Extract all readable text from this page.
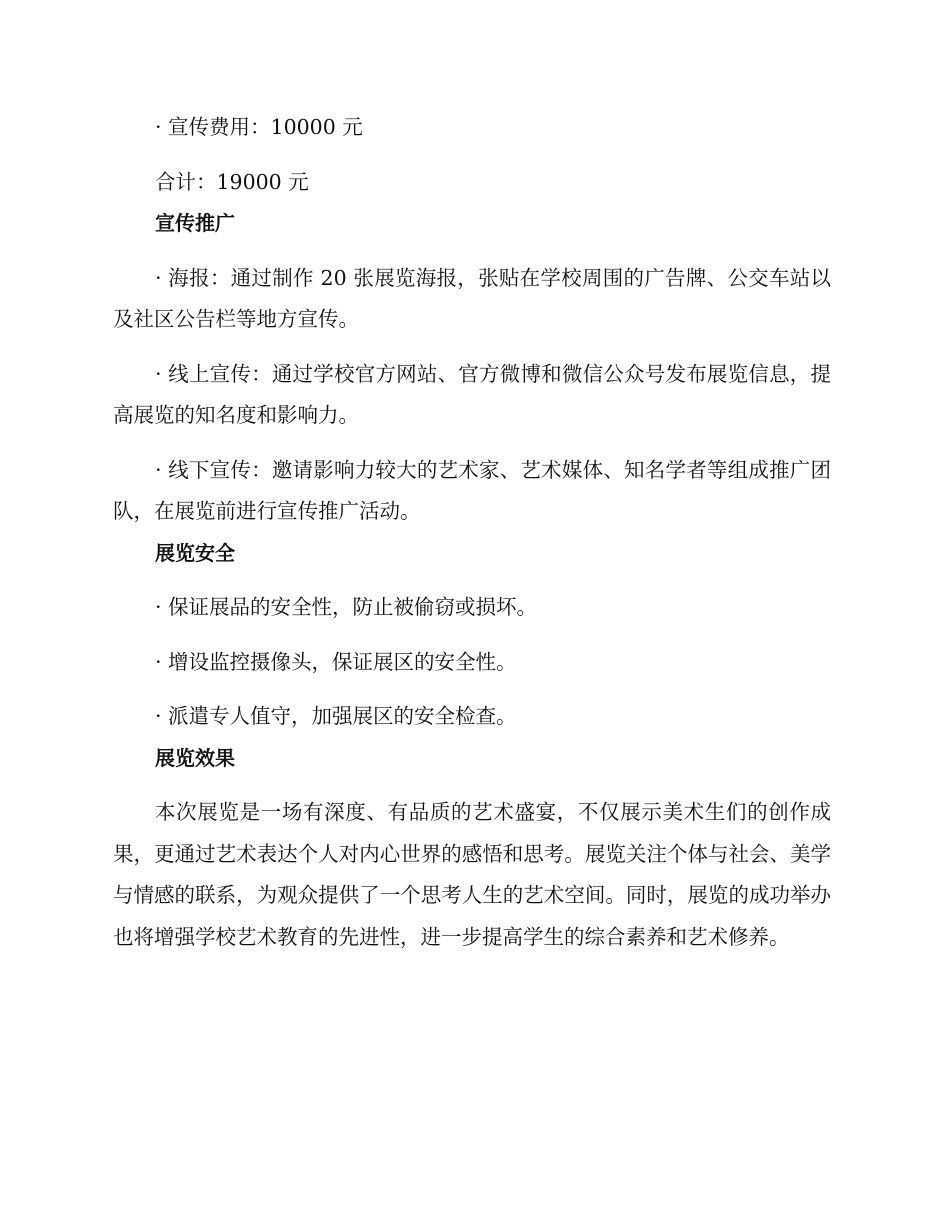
· 宣传费用：10000 元

合计：19000 元

宣传推广

· 海报：通过制作 20 张展览海报，张贴在学校周围的广告牌、公交车站以及社区公告栏等地方宣传。

· 线上宣传：通过学校官方网站、官方微博和微信公众号发布展览信息，提高展览的知名度和影响力。

· 线下宣传：邀请影响力较大的艺术家、艺术媒体、知名学者等组成推广团队，在展览前进行宣传推广活动。

展览安全

· 保证展品的安全性，防止被偷窃或损坏。

· 增设监控摄像头，保证展区的安全性。

· 派遣专人值守，加强展区的安全检查。

展览效果

本次展览是一场有深度、有品质的艺术盛宴，不仅展示美术生们的创作成果，更通过艺术表达个人对内心世界的感悟和思考。展览关注个体与社会、美学与情感的联系，为观众提供了一个思考人生的艺术空间。同时，展览的成功举办也将增强学校艺术教育的先进性，进一步提高学生的综合素养和艺术修养。
